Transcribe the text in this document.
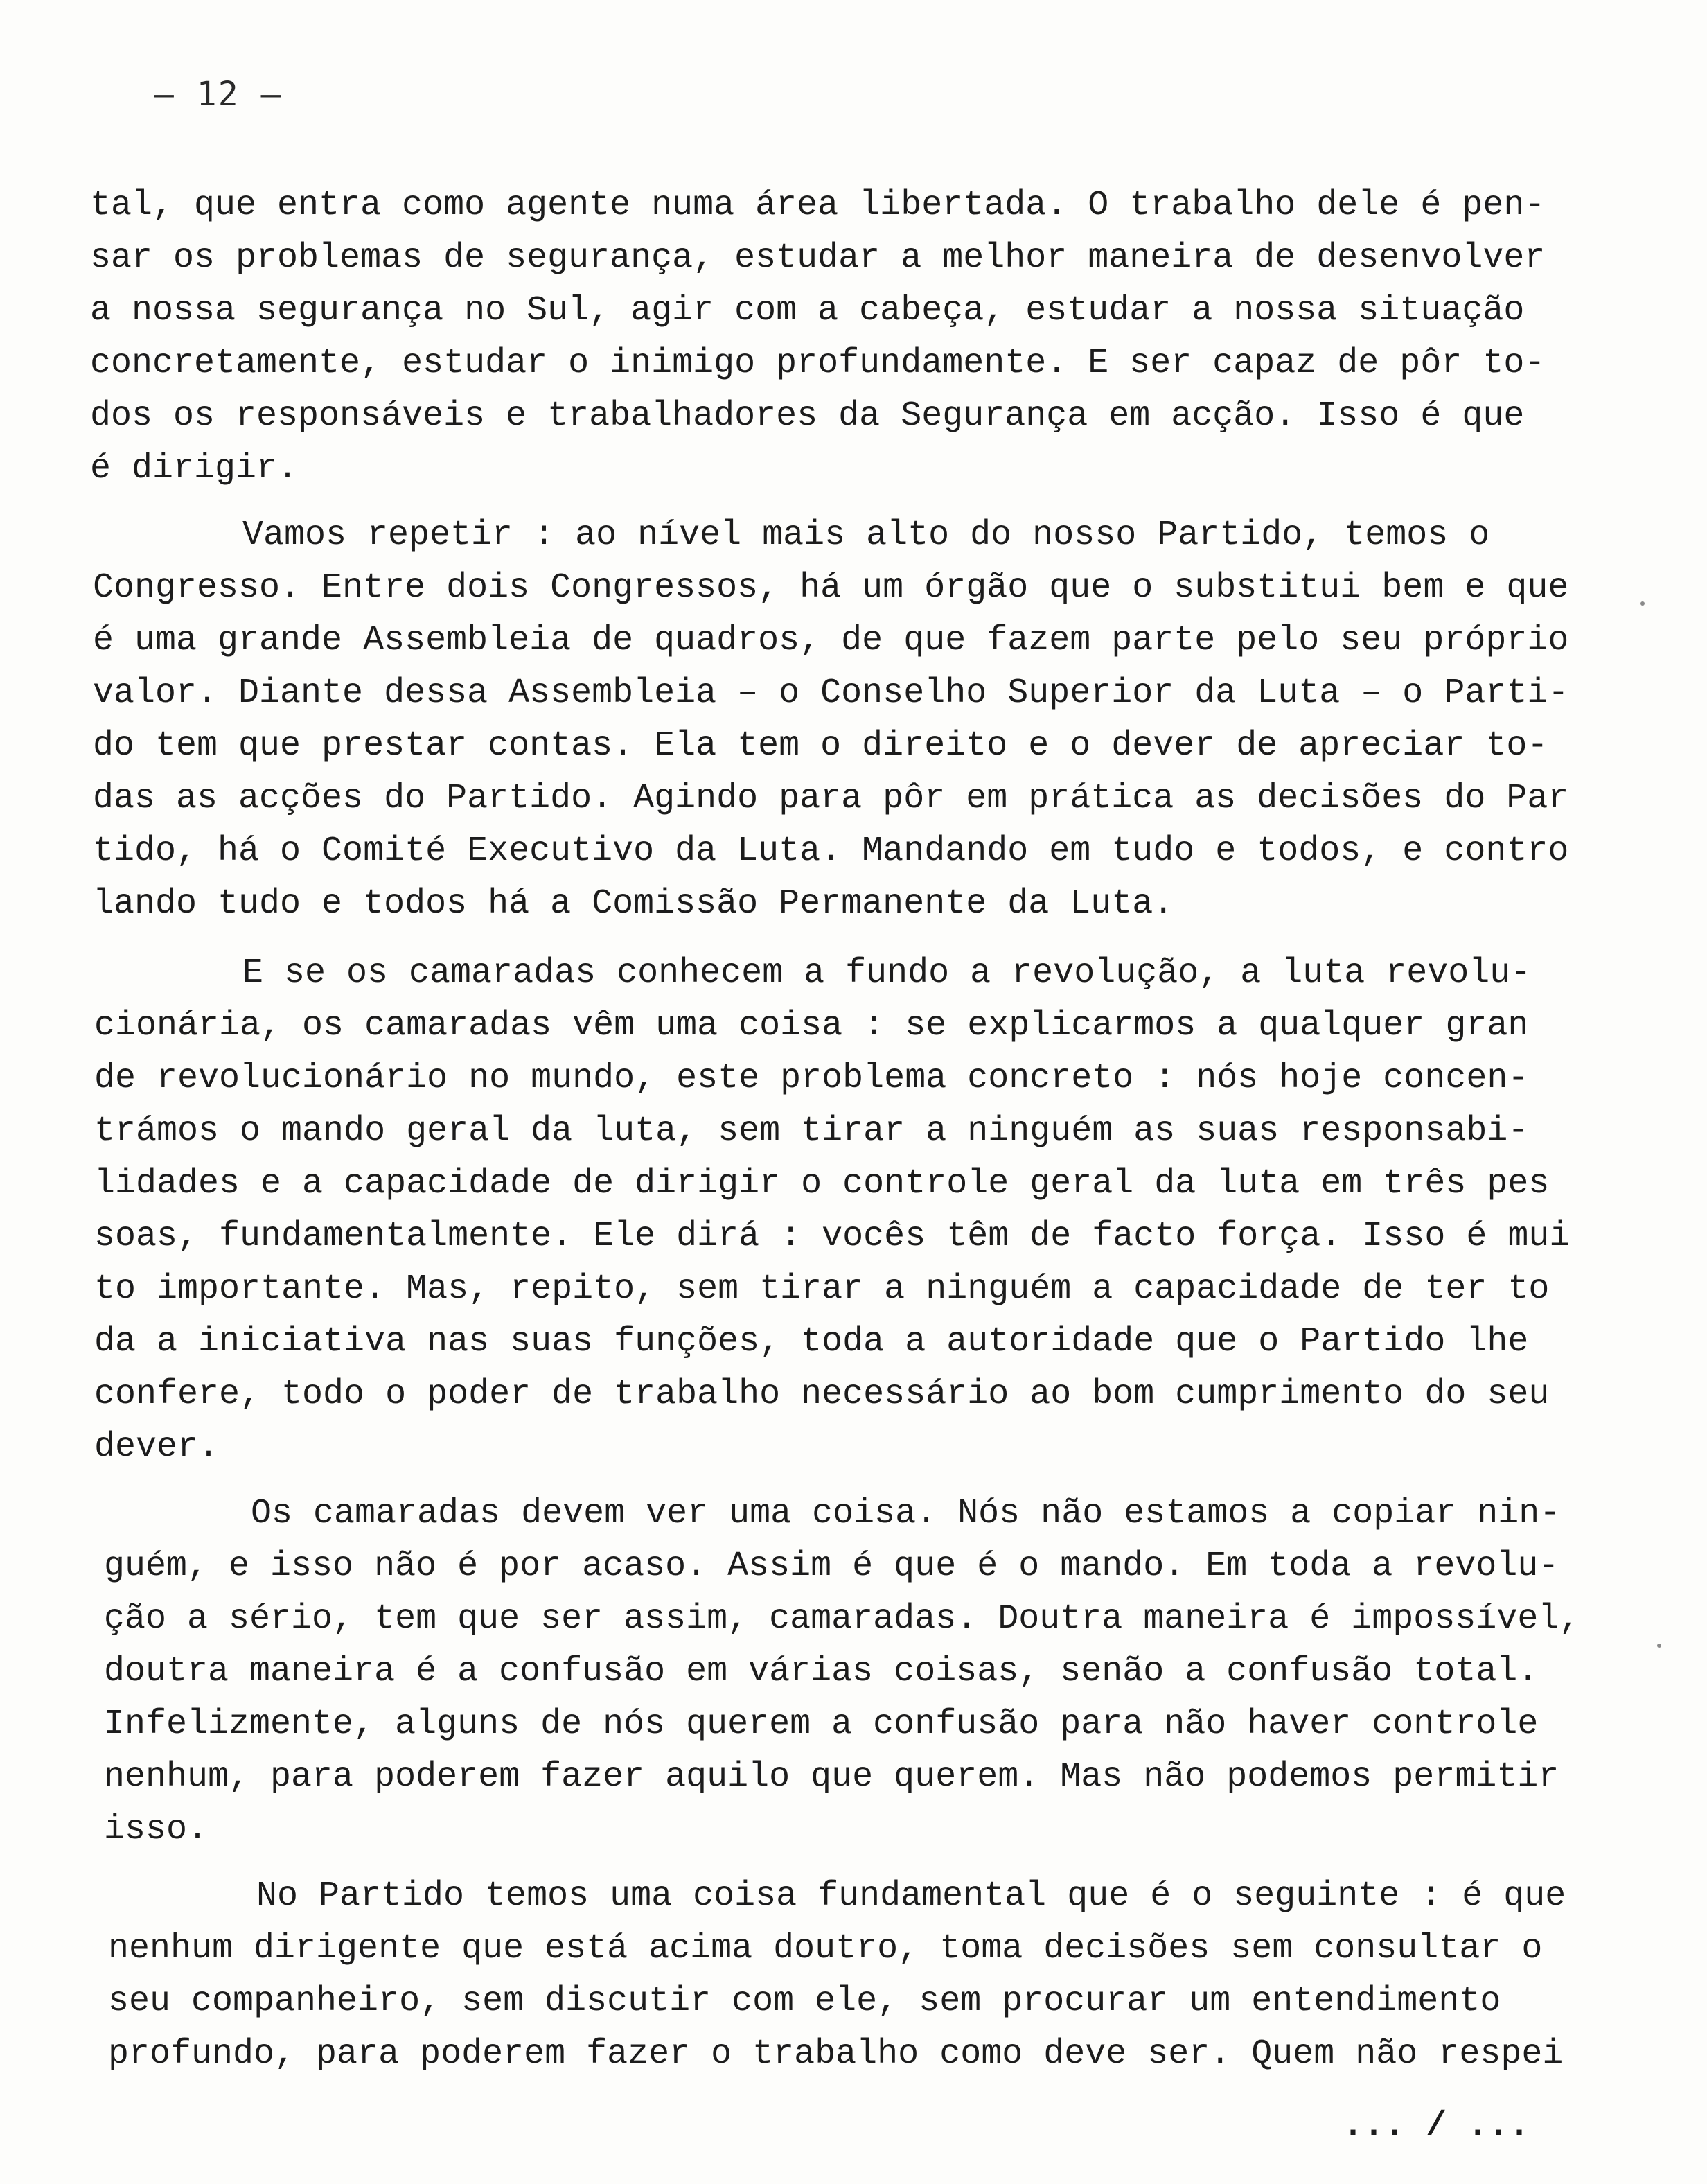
– 12 –
tal, que entra como agente numa área libertada. O trabalho dele é pen-
sar os problemas de segurança, estudar a melhor maneira de desenvolver
a nossa segurança no Sul, agir com a cabeça, estudar a nossa situação
concretamente, estudar o inimigo profundamente. E ser capaz de pôr to-
dos os responsáveis e trabalhadores da Segurança em acção. Isso é que
é dirigir.
Vamos repetir : ao nível mais alto do nosso Partido, temos o
Congresso. Entre dois Congressos, há um órgão que o substitui bem e que
é uma grande Assembleia de quadros, de que fazem parte pelo seu próprio
valor. Diante dessa Assembleia – o Conselho Superior da Luta – o Parti-
do tem que prestar contas. Ela tem o direito e o dever de apreciar to-
das as acções do Partido. Agindo para pôr em prática as decisões do Par
tido, há o Comité Executivo da Luta. Mandando em tudo e todos, e contro
lando tudo e todos há a Comissão Permanente da Luta.
E se os camaradas conhecem a fundo a revolução, a luta revolu-
cionária, os camaradas vêm uma coisa : se explicarmos a qualquer gran
de revolucionário no mundo, este problema concreto : nós hoje concen-
trámos o mando geral da luta, sem tirar a ninguém as suas responsabi-
lidades e a capacidade de dirigir o controle geral da luta em três pes
soas, fundamentalmente. Ele dirá : vocês têm de facto força. Isso é mui
to importante. Mas, repito, sem tirar a ninguém a capacidade de ter to
da a iniciativa nas suas funções, toda a autoridade que o Partido lhe
confere, todo o poder de trabalho necessário ao bom cumprimento do seu
dever.
Os camaradas devem ver uma coisa. Nós não estamos a copiar nin-
guém, e isso não é por acaso. Assim é que é o mando. Em toda a revolu-
ção a sério, tem que ser assim, camaradas. Doutra maneira é impossível,
doutra maneira é a confusão em várias coisas, senão a confusão total.
Infelizmente, alguns de nós querem a confusão para não haver controle
nenhum, para poderem fazer aquilo que querem. Mas não podemos permitir
isso.
No Partido temos uma coisa fundamental que é o seguinte : é que
nenhum dirigente que está acima doutro, toma decisões sem consultar o
seu companheiro, sem discutir com ele, sem procurar um entendimento
profundo, para poderem fazer o trabalho como deve ser. Quem não respei
... / ...
